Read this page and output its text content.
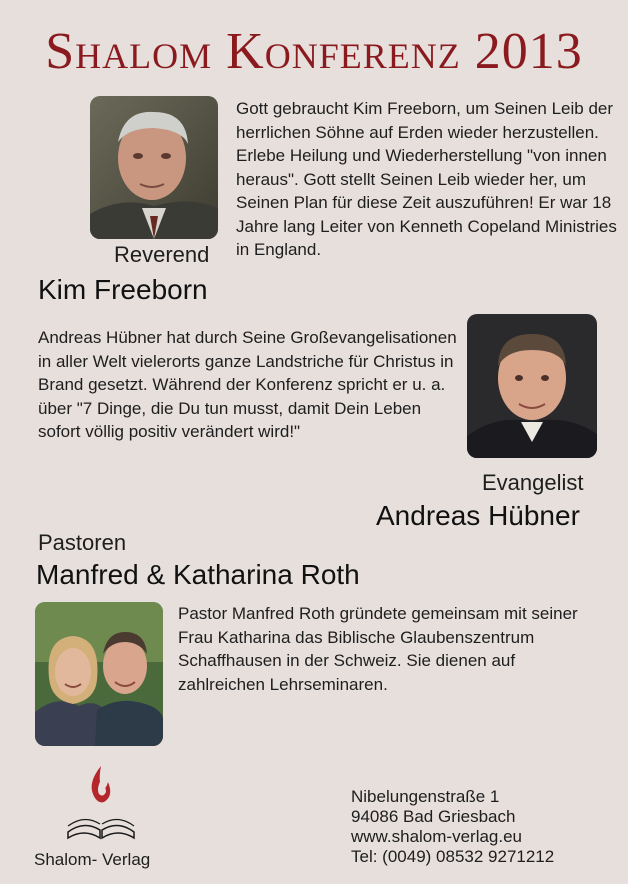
Shalom Konferenz 2013
Gott gebraucht Kim Freeborn, um Seinen Leib der herrlichen Söhne auf Erden wieder herzustellen. Erlebe Heilung und Wiederherstellung "von innen heraus". Gott stellt Seinen Leib wieder her, um Seinen Plan für diese Zeit auszuführen! Er war 18 Jahre lang Leiter von Kenneth Copeland Ministries in England.
Reverend
Kim Freeborn
Andreas Hübner hat durch Seine Großevangelisationen in aller Welt vielerorts ganze Landstriche für Christus in Brand gesetzt. Während der Konferenz spricht er u. a. über "7 Dinge, die Du tun musst, damit Dein Leben sofort völlig positiv verändert wird!"
Evangelist
Andreas Hübner
Pastoren
Manfred & Katharina Roth
Pastor Manfred Roth gründete gemeinsam mit seiner Frau Katharina das Biblische Glaubenszentrum Schaffhausen in der Schweiz. Sie dienen auf zahlreichen Lehrseminaren.
Shalom- Verlag
Nibelungenstraße 1
94086 Bad Griesbach
www.shalom-verlag.eu
Tel: (0049) 08532 9271212
